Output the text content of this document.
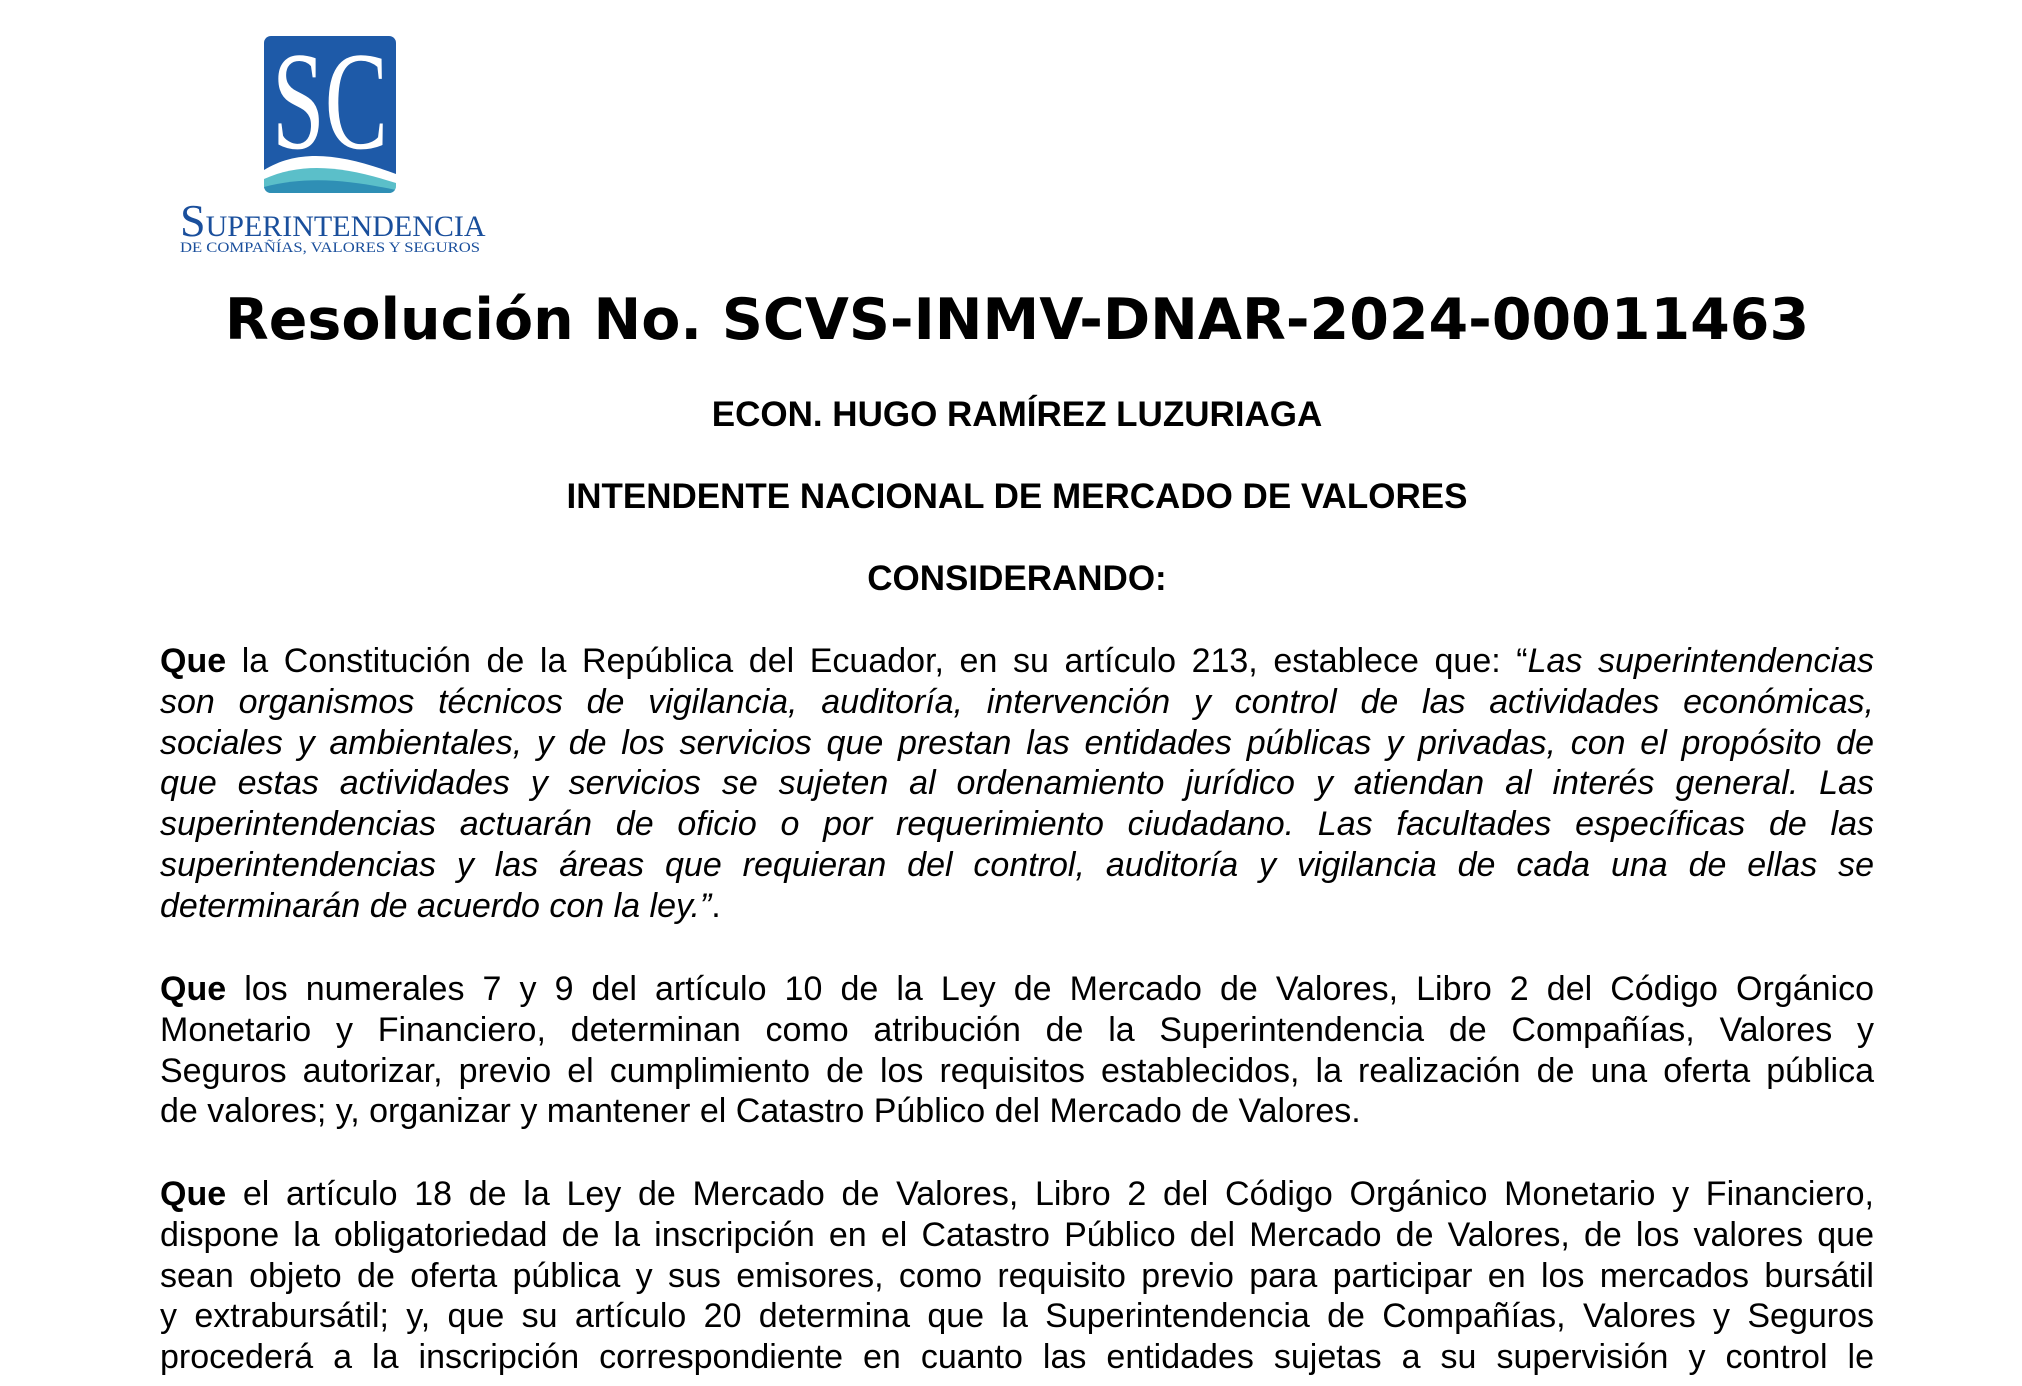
SC
SUPERINTENDENCIA
DE COMPAÑÍAS, VALORES Y SEGUROS
Resolución No. SCVS-INMV-DNAR-2024-00011463
ECON. HUGO RAMÍREZ LUZURIAGA
INTENDENTE NACIONAL DE MERCADO DE VALORES
CONSIDERANDO:
Que la Constitución de la República del Ecuador, en su artículo 213, establece que: “Las superintendencias
son organismos técnicos de vigilancia, auditoría, intervención y control de las actividades económicas,
sociales y ambientales, y de los servicios que prestan las entidades públicas y privadas, con el propósito de
que estas actividades y servicios se sujeten al ordenamiento jurídico y atiendan al interés general. Las
superintendencias actuarán de oficio o por requerimiento ciudadano. Las facultades específicas de las
superintendencias y las áreas que requieran del control, auditoría y vigilancia de cada una de ellas se
determinarán de acuerdo con la ley.”.
Que los numerales 7 y 9 del artículo 10 de la Ley de Mercado de Valores, Libro 2 del Código Orgánico
Monetario y Financiero, determinan como atribución de la Superintendencia de Compañías, Valores y
Seguros autorizar, previo el cumplimiento de los requisitos establecidos, la realización de una oferta pública
de valores; y, organizar y mantener el Catastro Público del Mercado de Valores.
Que el artículo 18 de la Ley de Mercado de Valores, Libro 2 del Código Orgánico Monetario y Financiero,
dispone la obligatoriedad de la inscripción en el Catastro Público del Mercado de Valores, de los valores que
sean objeto de oferta pública y sus emisores, como requisito previo para participar en los mercados bursátil
y extrabursátil; y, que su artículo 20 determina que la Superintendencia de Compañías, Valores y Seguros
procederá a la inscripción correspondiente en cuanto las entidades sujetas a su supervisión y control le
